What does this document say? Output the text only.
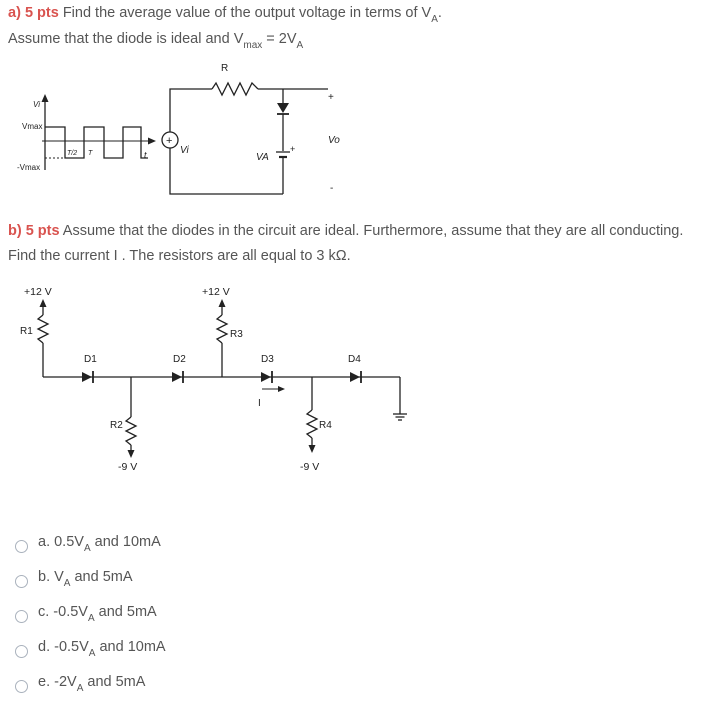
a) 5 pts Find the average value of the output voltage in terms of $V_A$.
Assume that the diode is ideal and $V_{max} = 2V_A$
b) 5 pts Assume that the diodes in the circuit are ideal. Furthermore, assume that they are all conducting.
Find the current I . The resistors are all equal to 3 kΩ.
Vi
Vmax
-Vmax
T/2 T	t
+
Vi
R
VA
+
+
Vo
-
+12 V	+12 V
R1	R3
D1	D2	D3	D4
I
R2
-9 V
R4
-9 V
a. $0.5V_A$ and 10mA
b. $V_A$ and 5mA
c. $-0.5V_A$ and 5mA
d. $-0.5V_A$ and 10mA
e. $-2V_A$ and 5mA
